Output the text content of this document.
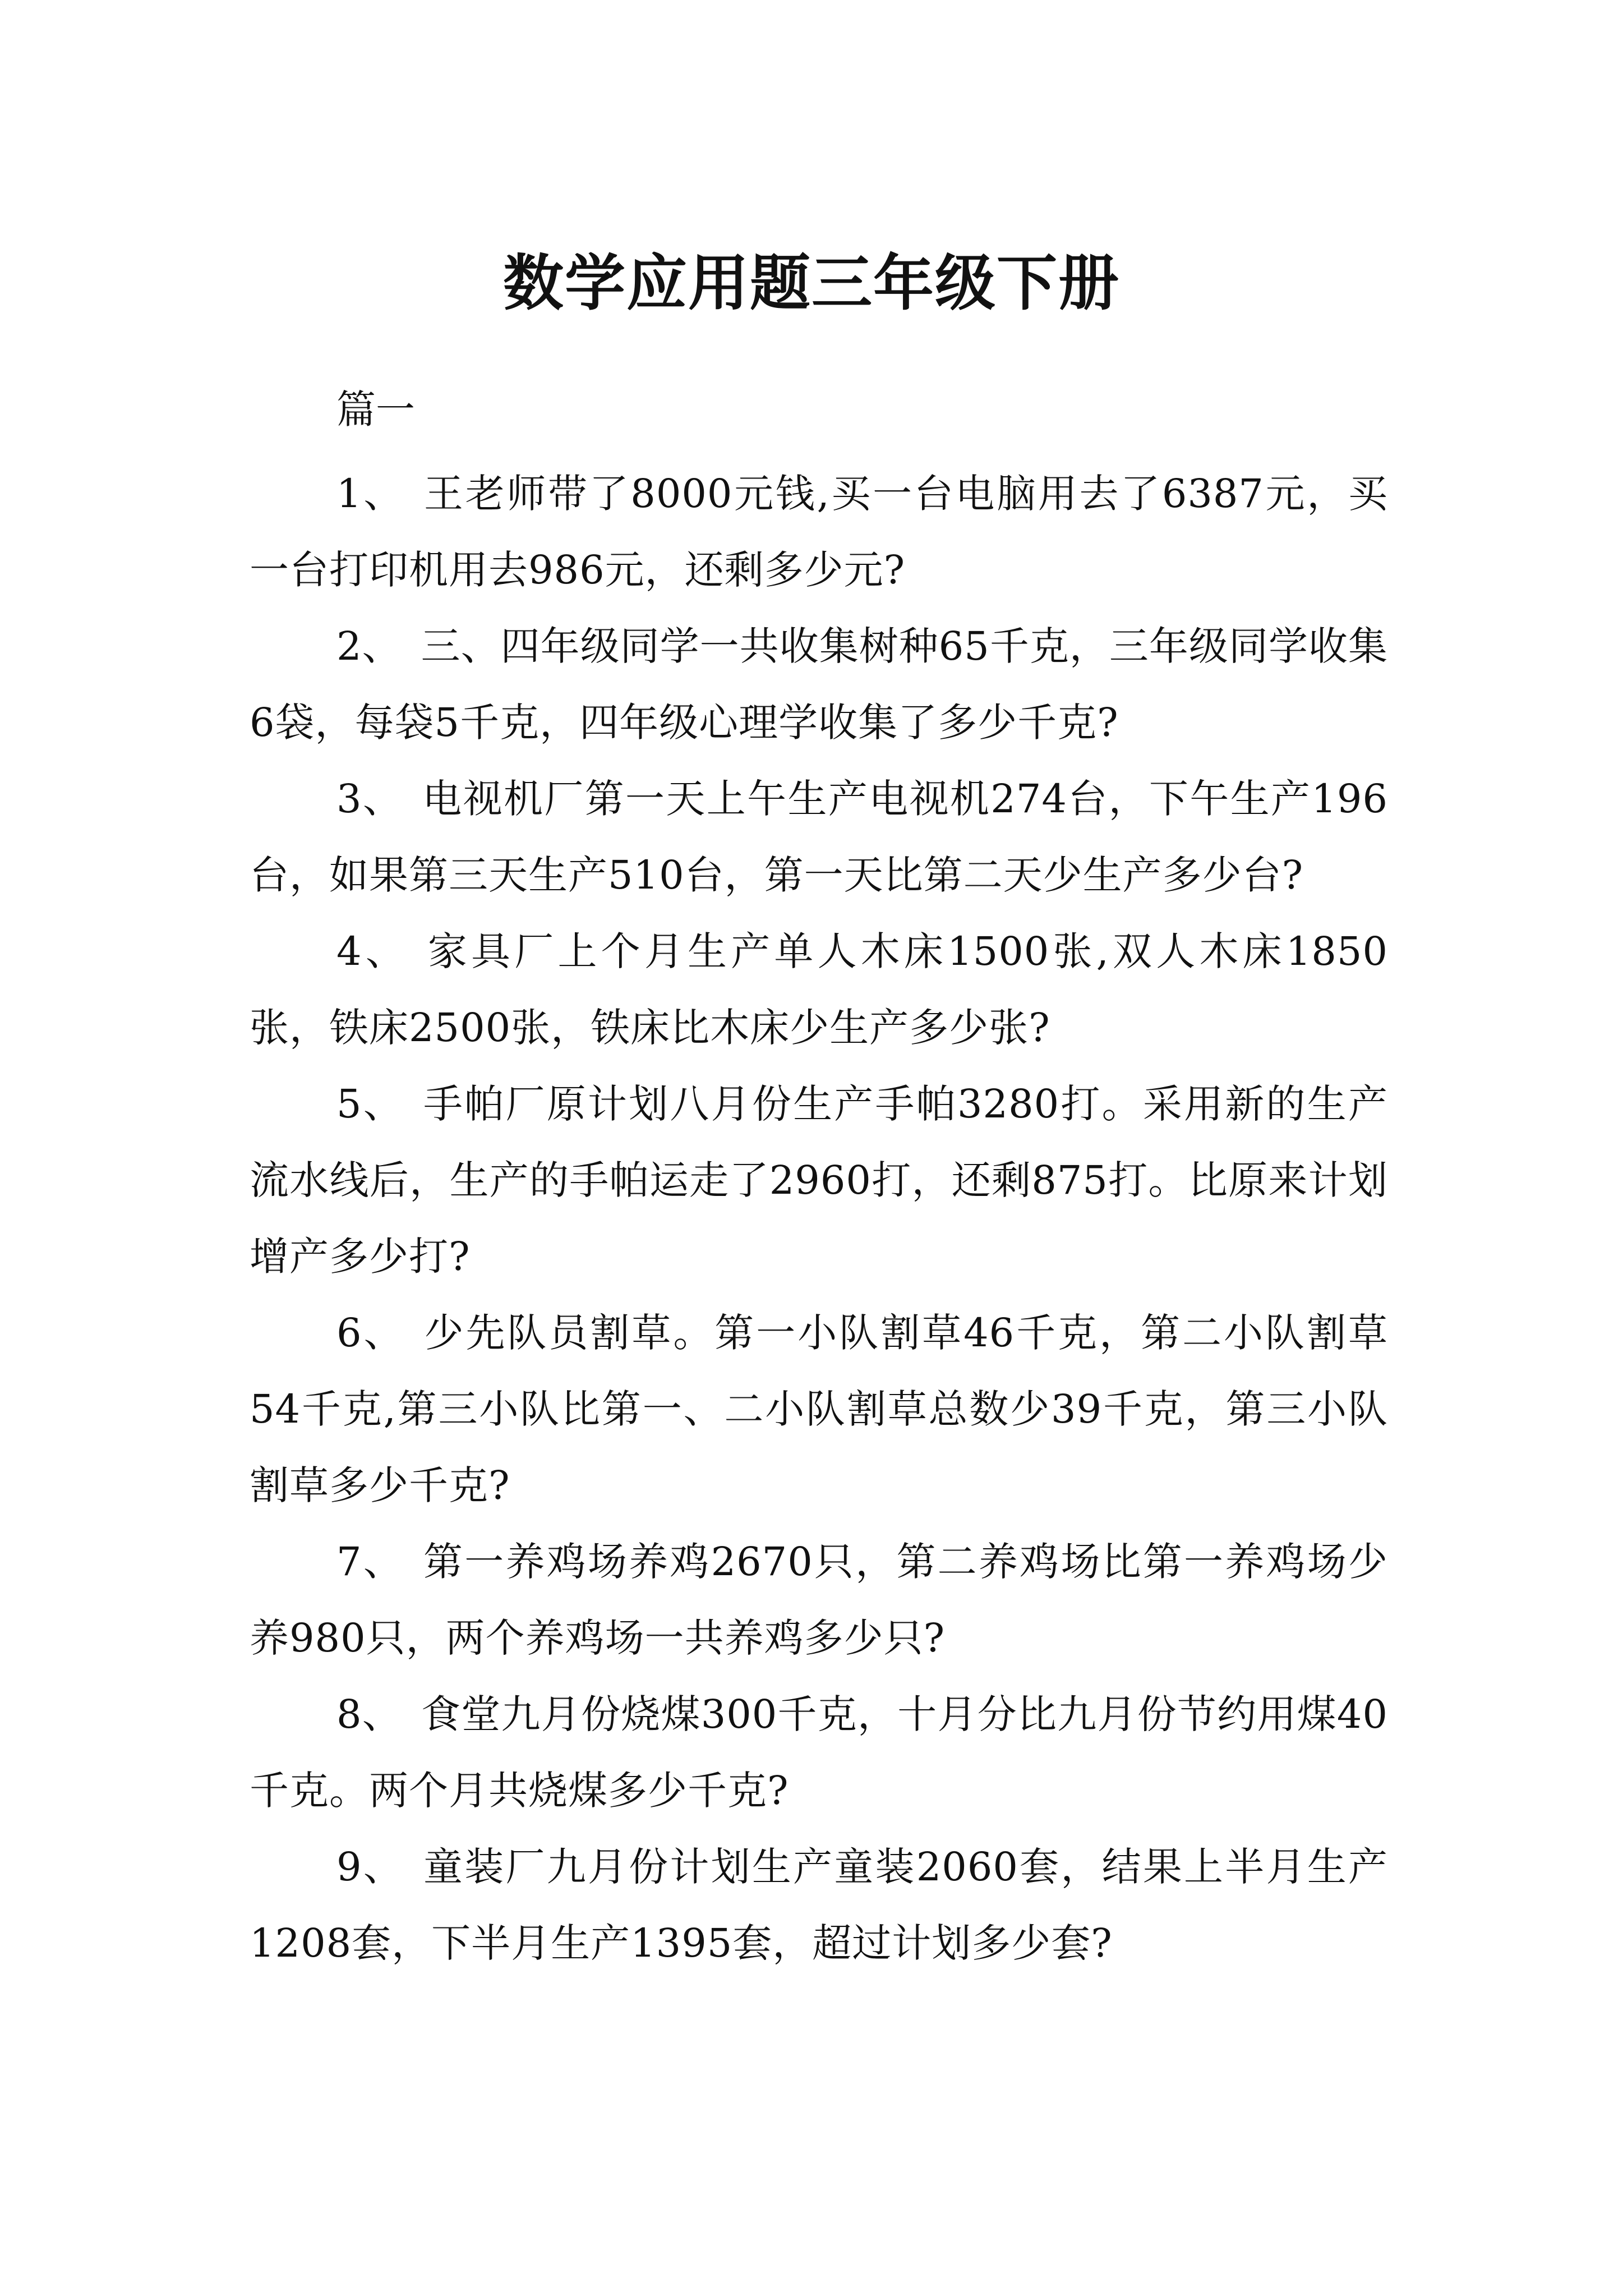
数学应用题三年级下册
篇一
1、 王老师带了8000元钱,买一台电脑用去了6387元，买一台打印机用去986元，还剩多少元?
2、 三、四年级同学一共收集树种65千克，三年级同学收集6袋，每袋5千克，四年级心理学收集了多少千克?
3、 电视机厂第一天上午生产电视机274台，下午生产196台，如果第三天生产510台，第一天比第二天少生产多少台?
4、 家具厂上个月生产单人木床1500张,双人木床1850张，铁床2500张，铁床比木床少生产多少张?
5、 手帕厂原计划八月份生产手帕3280打。采用新的生产流水线后，生产的手帕运走了2960打，还剩875打。比原来计划增产多少打?
6、 少先队员割草。第一小队割草46千克，第二小队割草54千克,第三小队比第一、二小队割草总数少39千克，第三小队割草多少千克?
7、 第一养鸡场养鸡2670只，第二养鸡场比第一养鸡场少养980只，两个养鸡场一共养鸡多少只?
8、 食堂九月份烧煤300千克，十月分比九月份节约用煤40千克。两个月共烧煤多少千克?
9、 童装厂九月份计划生产童装2060套，结果上半月生产1208套，下半月生产1395套，超过计划多少套?
